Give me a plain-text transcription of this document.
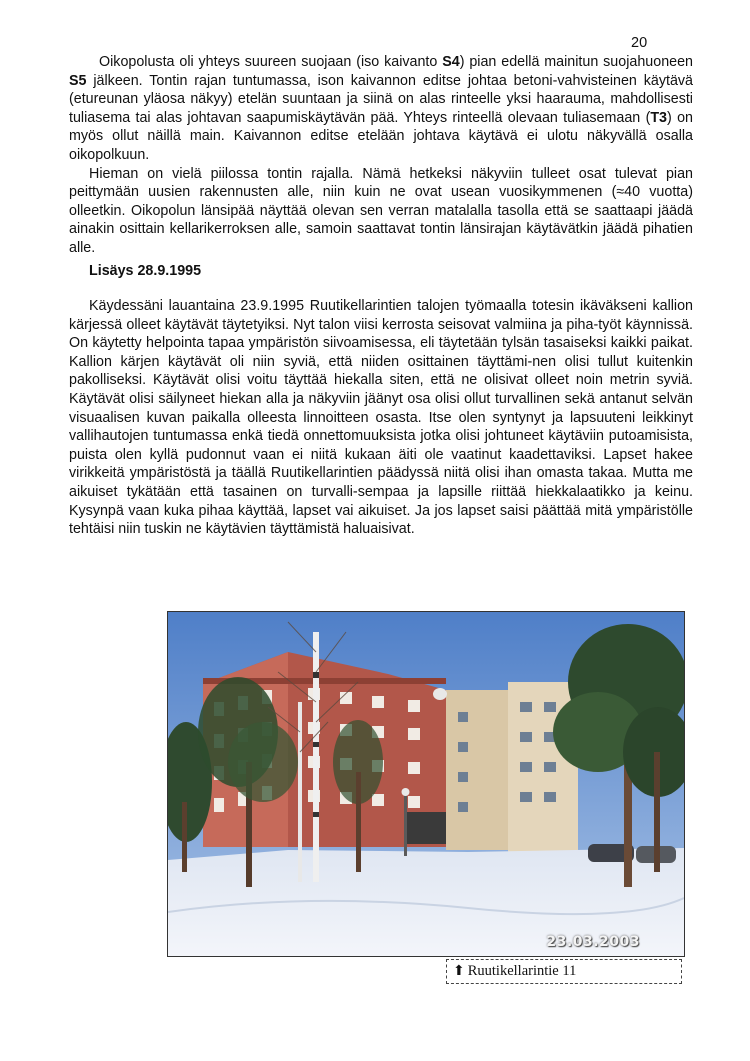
20

Oikopolusta oli yhteys suureen suojaan (iso kaivanto S4) pian edellä mainitun suojahuoneen S5 jälkeen. Tontin rajan tuntumassa, ison kaivannon editse johtaa betoni-vahvisteinen käytävä (etureunan yläosa näkyy) etelän suuntaan ja siinä on alas rinteelle yksi haarauma, mahdollisesti tuliasema tai alas johtavan saapumiskäytävän pää. Yhteys rinteellä olevaan tuliasemaan (T3) on myös ollut näillä main. Kaivannon editse etelään johtava käytävä ei ulotu näkyvällä osalla oikopolkuun.

Hieman on vielä piilossa tontin rajalla. Nämä hetkeksi näkyviin tulleet osat tulevat pian peittymään uusien rakennusten alle, niin kuin ne ovat usean vuosikymmenen (≈40 vuotta) olleetkin. Oikopolun länsipää näyttää olevan sen verran matalalla tasolla että se saattaapi jäädä ainakin osittain kellarikerroksen alle, samoin saattavat tontin länsirajan käytävätkin jäädä pihatien alle.

Lisäys 28.9.1995

Käydessäni lauantaina 23.9.1995 Ruutikellarintien talojen työmaalla totesin ikäväkseni kallion kärjessä olleet käytävät täytetyiksi. Nyt talon viisi kerrosta seisovat valmiina ja piha-työt käynnissä. On käytetty helpointa tapaa ympäristön siivoamisessa, eli täytetään tylsän tasaiseksi kaikki paikat. Kallion kärjen käytävät oli niin syviä, että niiden osittainen täyttämi-nen olisi tullut kuitenkin pakolliseksi. Käytävät olisi voitu täyttää hiekalla siten, että ne olisivat olleet noin metrin syviä. Käytävät olisi säilyneet hiekan alla ja näkyviin jäänyt osa olisi ollut turvallinen sekä antanut selvän visuaalisen kuvan paikalla olleesta linnoitteen osasta. Itse olen syntynyt ja lapsuuteni leikkinyt vallihautojen tuntumassa enkä tiedä onnettomuuksista jotka olisi johtuneet käytäviin putoamisista, puista olen kyllä pudonnut vaan ei niitä kukaan äiti ole vaatinut kaadettaviksi. Lapset hakee virikkeitä ympäristöstä ja täällä Ruutikellarintien päädyssä niitä olisi ihan omasta takaa. Mutta me aikuiset tykätään että tasainen on turvalli-sempaa ja lapsille riittää hiekkalaatikko ja keinu. Kysynpä vaan kuka pihaa käyttää, lapset vai aikuiset. Ja jos lapset saisi päättää mitä ympäristölle tehtäisi niin tuskin ne käytävien täyttämistä haluaisivat.

23.03.2003
⬆ Ruutikellarintie 11
